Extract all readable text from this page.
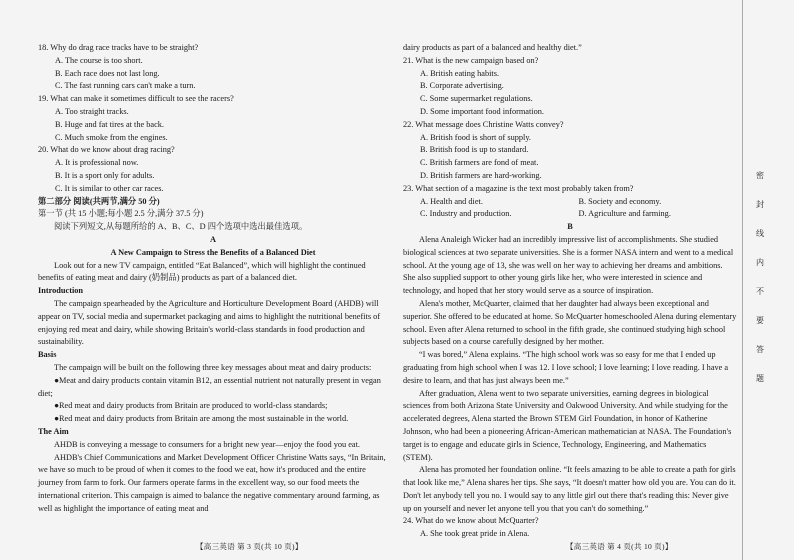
18. Why do drag race tracks have to be straight?

A. The course is too short.

B. Each race does not last long.

C. The fast running cars can't make a turn.

19. What can make it sometimes difficult to see the racers?

A. Too straight tracks.

B. Huge and fat tires at the back.

C. Much smoke from the engines.

20. What do we know about drag racing?

A. It is professional now.

B. It is a sport only for adults.

C. It is similar to other car races.

第二部分 阅读(共两节,满分 50 分)

第一节 (共 15 小题;每小题 2.5 分,满分 37.5 分)

阅读下列短文,从每题所给的 A、B、C、D 四个选项中选出最佳选项。

A

A New Campaign to Stress the Benefits of a Balanced Diet

Look out for a new TV campaign, entitled “Eat Balanced”, which will highlight the continued benefits of eating meat and dairy (奶制品) products as part of a balanced diet.

Introduction

The campaign spearheaded by the Agriculture and Horticulture Development Board (AHDB) will appear on TV, social media and supermarket packaging and aims to highlight the nutritional benefits of enjoying red meat and dairy, while showing Britain's world-class standards in food production and sustainability.

Basis

The campaign will be built on the following three key messages about meat and dairy products:

●Meat and dairy products contain vitamin B12, an essential nutrient not naturally present in vegan diet;

●Red meat and dairy products from Britain are produced to world-class standards;

●Red meat and dairy products from Britain are among the most sustainable in the world.

The Aim

AHDB is conveying a message to consumers for a bright new year—enjoy the food you eat.

AHDB's Chief Communications and Market Development Officer Christine Watts says, “In Britain, we have so much to be proud of when it comes to the food we eat, how it's produced and the entire journey from farm to fork. Our farmers operate farms in the excellent way, so our food meets the international criterion. This campaign is aimed to balance the negative commentary around farming, as well as highlight the importance of eating meat and

dairy products as part of a balanced and healthy diet.”

21. What is the new campaign based on?

A. British eating habits.

B. Corporate advertising.

C. Some supermarket regulations.

D. Some important food information.

22. What message does Christine Watts convey?

A. British food is short of supply.

B. British food is up to standard.

C. British farmers are fond of meat.

D. British farmers are hard-working.

23. What section of a magazine is the text most probably taken from?

A. Health and diet.	B. Society and economy.
C. Industry and production.	D. Agriculture and farming.

B

Alena Analeigh Wicker had an incredibly impressive list of accomplishments. She studied biological sciences at two separate universities. She is a former NASA intern and went to a medical school. At the young age of 13, she was well on her way to achieving her dreams and ambitions. She also supplied support to other young girls like her, who were interested in science and technology, and hoped that her story would serve as a source of inspiration.

Alena's mother, McQuarter, claimed that her daughter had always been exceptional and superior. She offered to be educated at home. So McQuarter homeschooled Alena during elementary school. Even after Alena returned to school in the fifth grade, she continued studying high school subjects based on a course carefully designed by her mother.

“I was bored,” Alena explains. “The high school work was so easy for me that I ended up graduating from high school when I was 12. I love school; I love learning; I love reading. I have a desire to learn, and that has just always been me.”

After graduation, Alena went to two separate universities, earning degrees in biological sciences from both Arizona State University and Oakwood University. And while studying for the accelerated degrees, Alena started the Brown STEM Girl Foundation, in honor of Katherine Johnson, who had been a pioneering African-American mathematician at NASA. The Foundation's target is to engage and educate girls in Science, Technology, Engineering, and Mathematics (STEM).

Alena has promoted her foundation online. “It feels amazing to be able to create a path for girls that look like me,” Alena shares her tips. She says, “It doesn't matter how old you are. You can do it. Don't let anybody tell you no. I would say to any little girl out there that's reading this: Never give up on yourself and never let anyone tell you that you can't do something.”

24. What do we know about McQuarter?

A. She took great pride in Alena.

【高三英语 第 3 页(共 10 页)】	【高三英语 第 4 页(共 10 页)】
密
封
线
内
不
要
答
题
